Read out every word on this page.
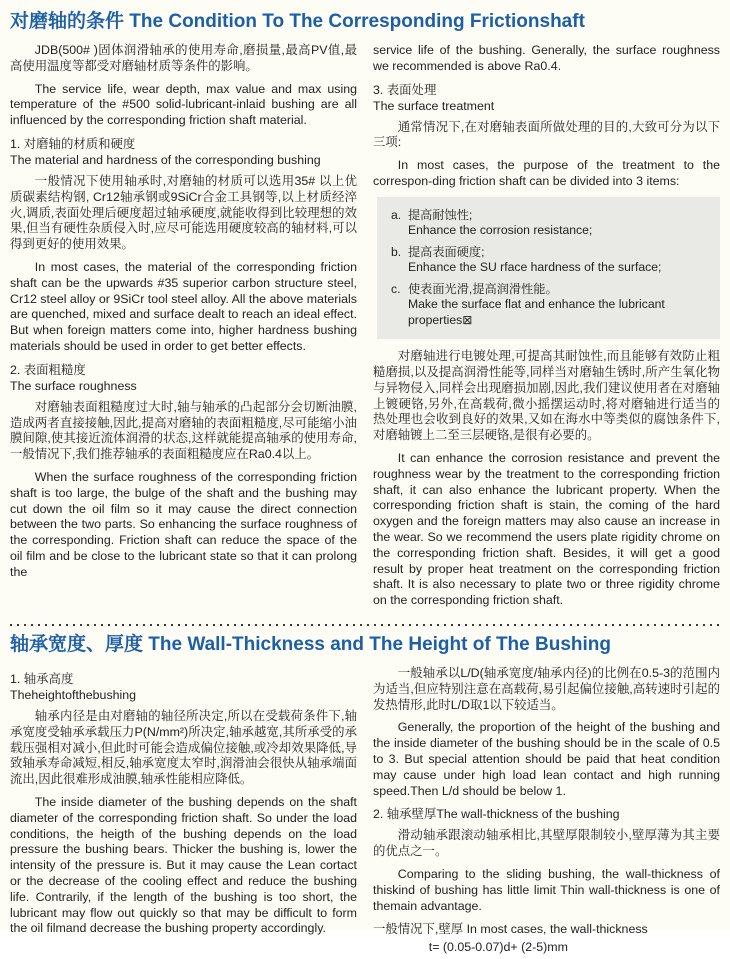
对磨轴的条件 The Condition To The Corresponding Frictionshaft

JDB(500# )固体润滑轴承的使用寿命,磨损量,最高PV值,最高使用温度等都受对磨轴材质等条件的影响。

The service life, wear depth, max value and max using temperature of the #500 solid-lubricant-inlaid bushing are all influenced by the corresponding friction shaft material.

1. 对磨轴的材质和硬度
The material and hardness of the corresponding bushing

一般情况下使用轴承时,对磨轴的材质可以选用35# 以上优质碳素结构钢, Cr12轴承钢或9SiCr合金工具钢等,以上材质经淬火,调质,表面处理后硬度超过轴承硬度,就能收得到比较理想的效果,但当有硬性杂质侵入时,应尽可能选用硬度较高的轴材料,可以得到更好的使用效果。

In most cases, the material of the corresponding friction shaft can be the upwards #35 superior carbon structure steel, Cr12 steel alloy or 9SiCr tool steel alloy. All the above materials are quenched, mixed and surface dealt to reach an ideal effect. But when foreign matters come into, higher hardness bushing materials should be used in order to get better effects.

2. 表面粗糙度
The surface roughness

对磨轴表面粗糙度过大时,轴与轴承的凸起部分会切断油膜,造成两者直接接触,因此,提高对磨轴的表面粗糙度,尽可能缩小油膜间隙,使其接近流体润滑的状态,这样就能提高轴承的使用寿命,一般情况下,我们推荐轴承的表面粗糙度应在Ra0.4以上。

When the surface roughness of the corresponding friction shaft is too large, the bulge of the shaft and the bushing may cut down the oil film so it may cause the direct connection between the two parts. So enhancing the surface roughness of the corresponding. Friction shaft can reduce the space of the oil film and be close to the lubricant state so that it can prolong the

service life of the bushing. Generally, the surface roughness we recommended is above Ra0.4.

3. 表面处理
The surface treatment

通常情况下,在对磨轴表面所做处理的目的,大致可分为以下三项:

In most cases, the purpose of the treatment to the correspon-ding friction shaft can be divided into 3 items:

a. 提高耐蚀性;
Enhance the corrosion resistance;
b. 提高表面硬度;
Enhance the SU rface hardness of the surface;
c. 使表面光滑,提高润滑性能。
Make the surface flat and enhance the lubricant properties⊠

对磨轴进行电镀处理,可提高其耐蚀性,而且能够有效防止粗糙磨损,以及提高润滑性能等,同样当对磨轴生锈时,所产生氧化物与异物侵入,同样会出现磨损加剧,因此,我们建议使用者在对磨轴上镀硬铬,另外,在高载荷,微小摇摆运动时,将对磨轴进行适当的热处理也会收到良好的效果,又如在海水中等类似的腐蚀条件下,对磨轴镀上二至三层硬铬,是很有必要的。

It can enhance the corrosion resistance and prevent the roughness wear by the treatment to the corresponding friction shaft, it can also enhance the lubricant property. When the corresponding friction shaft is stain, the coming of the hard oxygen and the foreign matters may also cause an increase in the wear. So we recommend the users plate rigidity chrome on the corresponding friction shaft. Besides, it will get a good result by proper heat treatment on the corresponding friction shaft. It is also necessary to plate two or three rigidity chrome on the corresponding friction shaft.

轴承宽度、厚度 The Wall-Thickness and The Height of The Bushing
1. 轴承高度
Theheightofthebushing

轴承内径是由对磨轴的轴径所决定,所以在受载荷条件下,轴承宽度受轴承承载压力P(N/mm²)所决定,轴承越宽,其所承受的承载压强相对减小,但此时可能会造成偏位接触,或冷却效果降低,导致轴承寿命减短,相反,轴承宽度太窄时,润滑油会很快从轴承端面流出,因此很难形成油膜,轴承性能相应降低。

The inside diameter of the bushing depends on the shaft diameter of the corresponding friction shaft. So under the load conditions, the heigth of the bushing depends on the load pressure the bushing bears. Thicker the bushing is, lower the intensity of the pressure is. But it may cause the Lean cortact or the decrease of the cooling effect and reduce the bushing life. Contrarily, if the length of the bushing is too short, the lubricant may flow out quickly so that may be difficult to form the oil filmand decrease the bushing property accordingly.

一般轴承以L/D(轴承宽度/轴承内径)的比例在0.5-3的范围内为适当,但应特别注意在高载荷,易引起偏位接触,高转速时引起的发热情形,此时L/D取1以下较适当。

Generally, the proportion of the height of the bushing and the inside diameter of the bushing should be in the scale of 0.5 to 3. But special attention should be paid that heat condition may cause under high load lean contact and high running speed.Then L/d should be below 1.

2. 轴承壁厚The wall-thickness of the bushing

滑动轴承跟滚动轴承相比,其壁厚限制较小,壁厚薄为其主要的优点之一。

Comparing to the sliding bushing, the wall-thickness of thiskind of bushing has little limit Thin wall-thickness is one of themain advantage.

一般情况下,壁厚 In most cases, the wall-thickness

t= (0.05-0.07)d+ (2-5)mm
